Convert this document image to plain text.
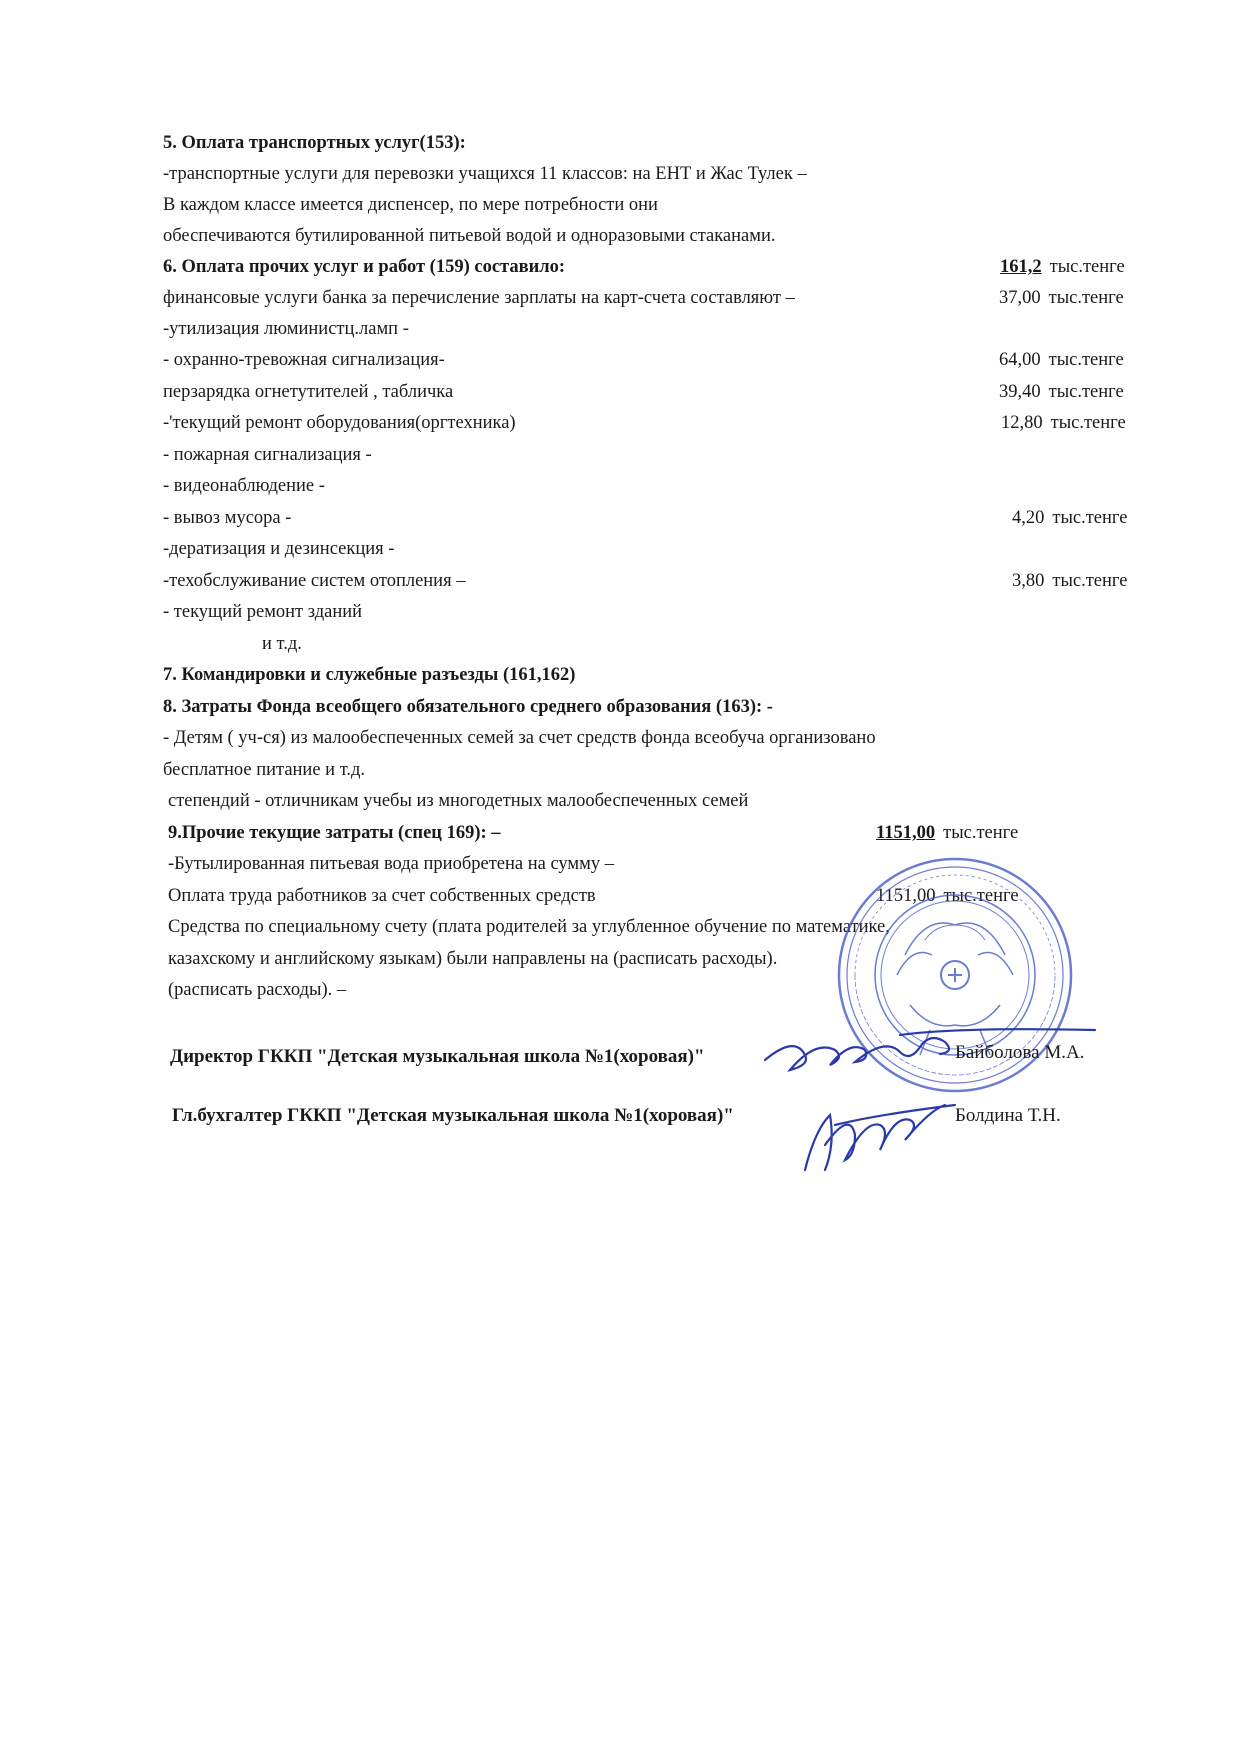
5. Оплата транспортных услуг(153):
-транспортные услуги для перевозки учащихся 11 классов: на ЕНТ и Жас Тулек –
В каждом классе имеется диспенсер, по мере потребности они
обеспечиваются бутилированной питьевой водой и одноразовыми стаканами.
6. Оплата прочих услуг и работ (159) составило:
финансовые услуги банка за перечисление зарплаты на карт-счета составляют –
-утилизация люминистц.ламп -
- охранно-тревожная сигнализация-
перзарядка огнетутителей , табличка
-'текущий ремонт оборудования(оргтехника)
- пожарная сигнализация -
- видеонаблюдение -
- вывоз мусора -
-дератизация и дезинсекция -
-техобслуживание систем отопления –
- текущий ремонт зданий
и т.д.
7. Командировки и служебные разъезды (161,162)
8. Затраты Фонда всеобщего обязательного среднего образования (163): -
- Детям ( уч-ся) из малообеспеченных семей за счет средств фонда всеобуча организовано
бесплатное питание и т.д.
степендий - отличникам учебы из многодетных малообеспеченных семей
9.Прочие текущие затраты (спец 169): –
-Бутылированная питьевая вода приобретена на сумму –
Оплата труда работников за счет собственных средств
Средства по специальному счету (плата родителей за углубленное обучение по математике,
казахскому и английскому языкам) были направлены на (расписать расходы).
(расписать расходы). –
161,2 тыс.тенге
37,00 тыс.тенге
64,00 тыс.тенге
39,40 тыс.тенге
12,80 тыс.тенге
4,20 тыс.тенге
3,80 тыс.тенге
1151,00 тыс.тенге
1151,00 тыс.тенге
Директор ГККП "Детская музыкальная школа №1(хоровая)"	Байболова М.А.
Гл.бухгалтер ГККП "Детская музыкальная школа №1(хоровая)"	Болдина Т.Н.
